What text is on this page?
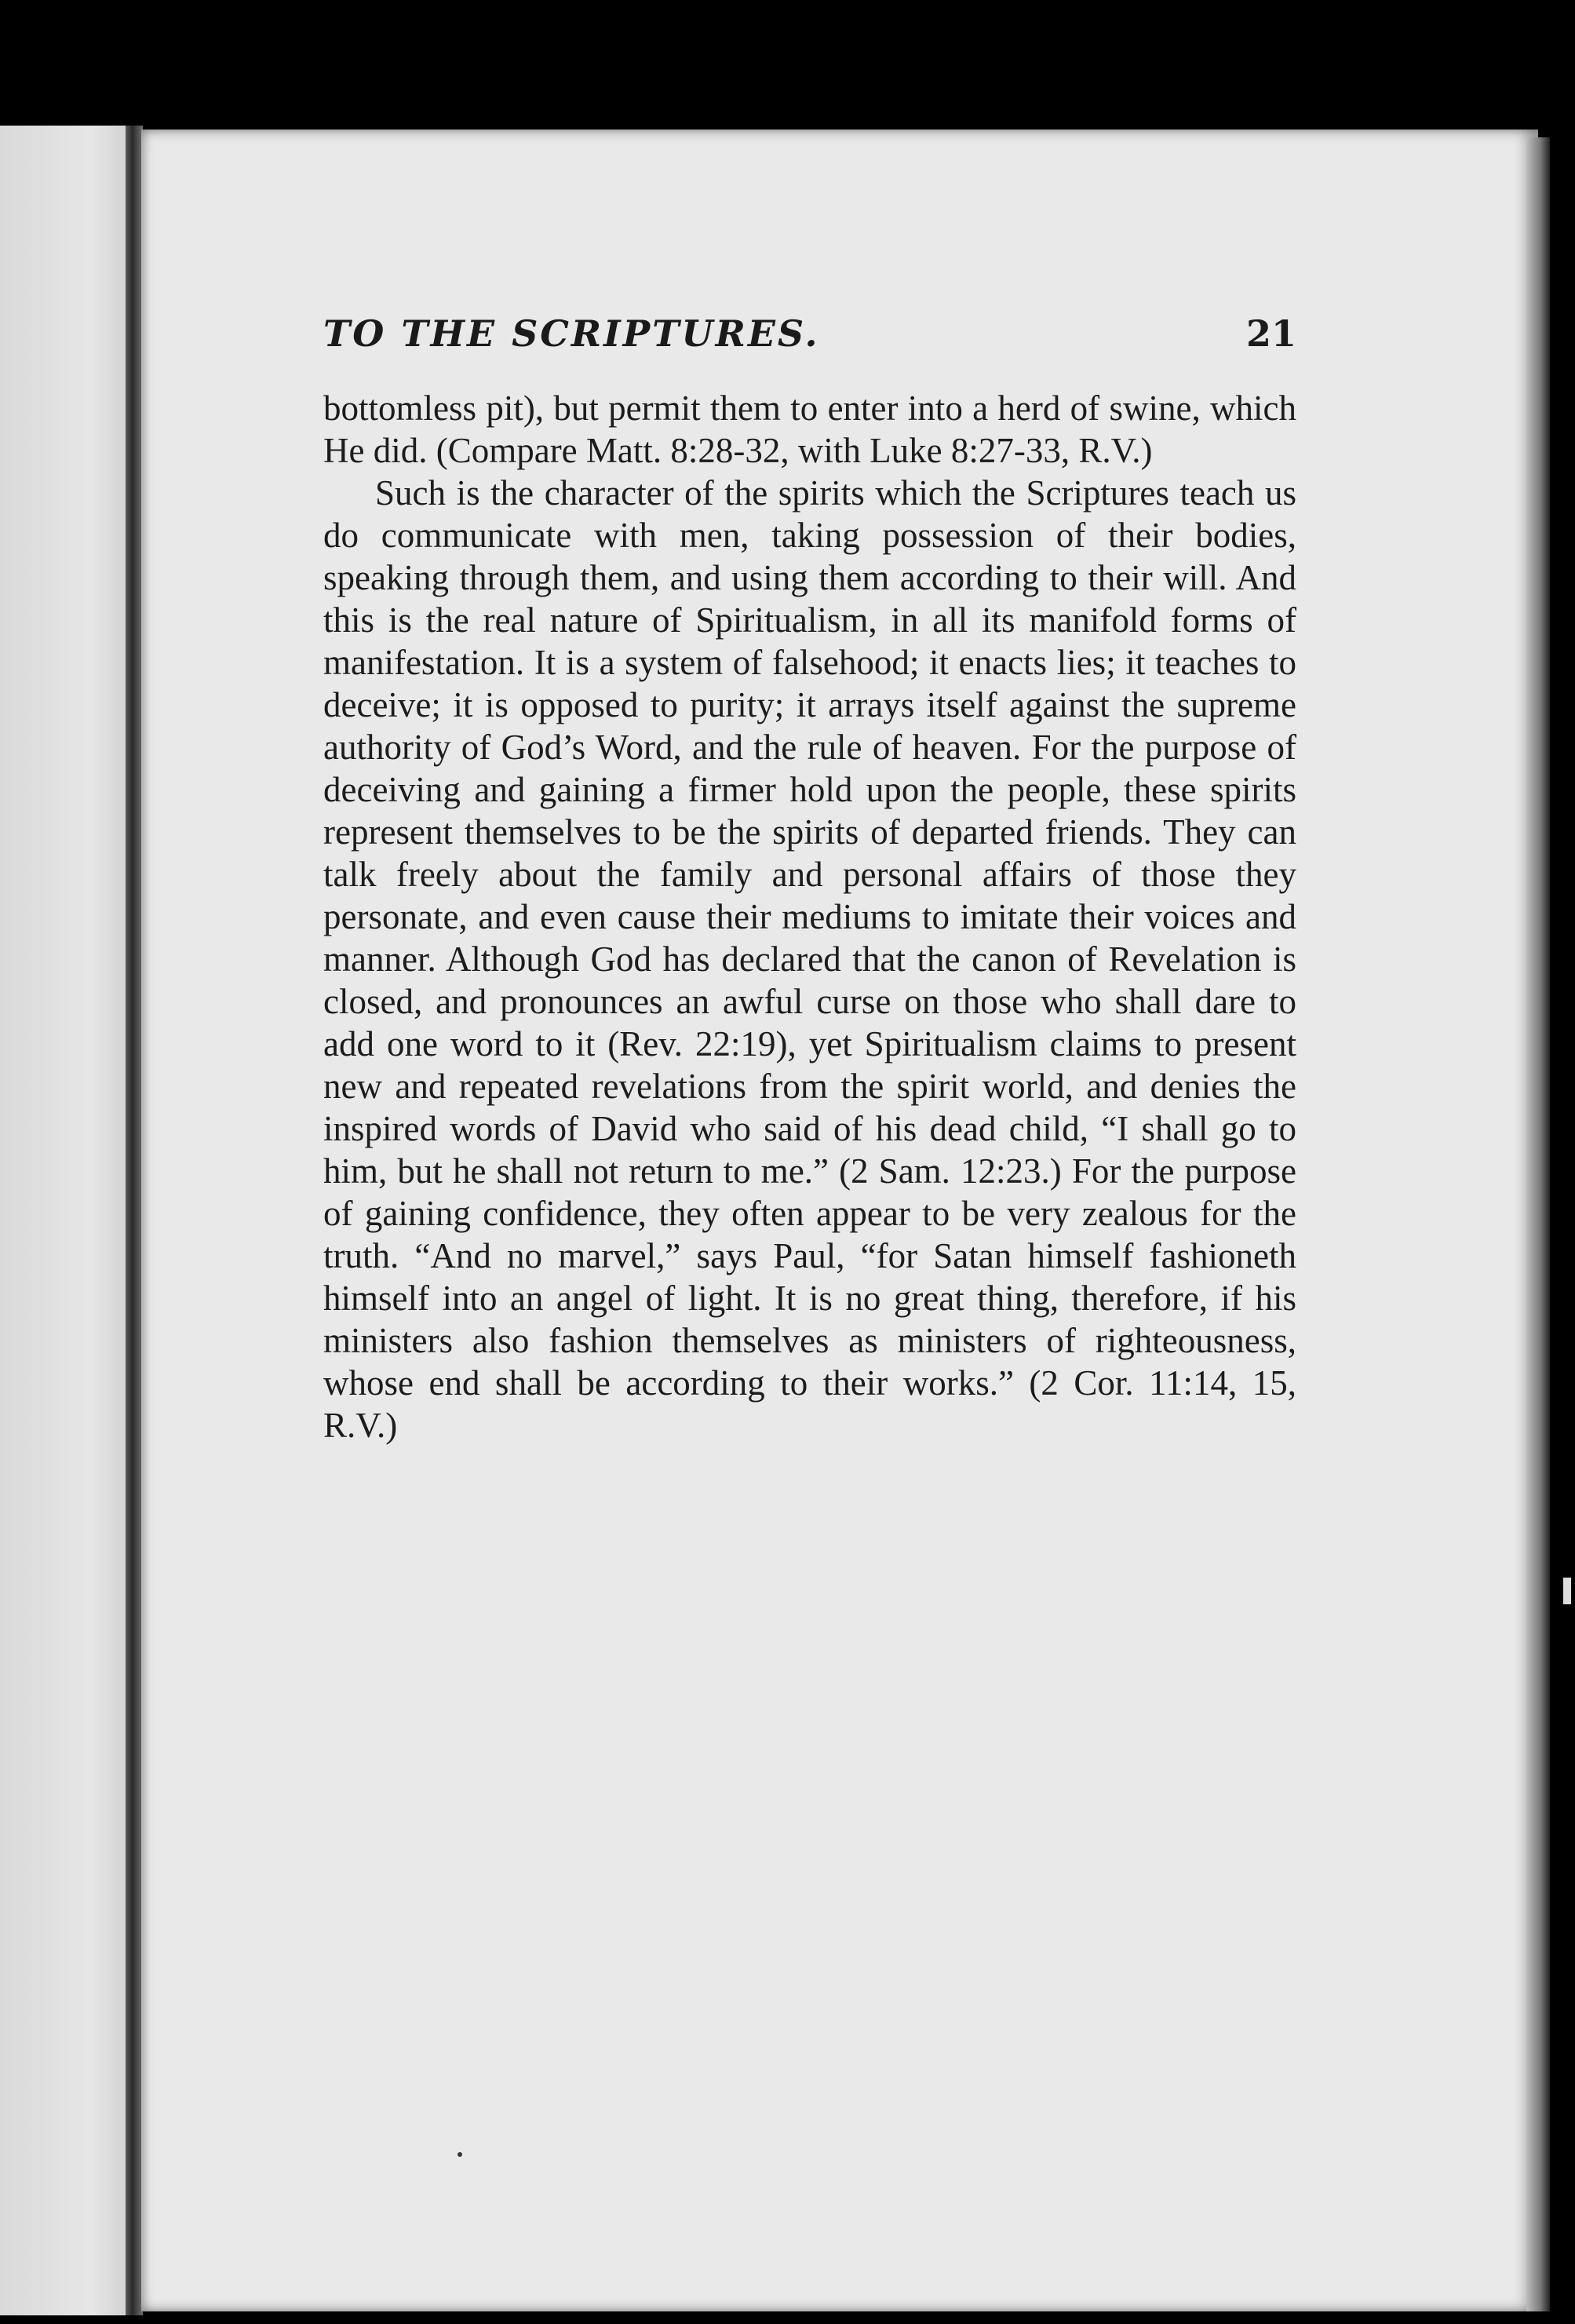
TO THE SCRIPTURES.	21

bottomless pit), but permit them to enter into a herd of swine, which He did. (Compare Matt. 8:28-32, with Luke 8:27-33, R.V.)

Such is the character of the spirits which the Scriptures teach us do communicate with men, taking possession of their bodies, speaking through them, and using them according to their will. And this is the real nature of Spiritualism, in all its manifold forms of manifestation. It is a system of falsehood; it enacts lies; it teaches to deceive; it is opposed to purity; it arrays itself against the supreme authority of God’s Word, and the rule of heaven. For the purpose of deceiving and gaining a firmer hold upon the people, these spirits represent themselves to be the spirits of departed friends. They can talk freely about the family and personal affairs of those they personate, and even cause their mediums to imitate their voices and manner. Although God has declared that the canon of Revelation is closed, and pronounces an awful curse on those who shall dare to add one word to it (Rev. 22:19), yet Spiritualism claims to present new and repeated revelations from the spirit world, and denies the inspired words of David who said of his dead child, “I shall go to him, but he shall not return to me.” (2 Sam. 12:23.) For the purpose of gaining confidence, they often appear to be very zealous for the truth. “And no marvel,” says Paul, “for Satan himself fashioneth himself into an angel of light. It is no great thing, therefore, if his ministers also fashion themselves as ministers of righteousness, whose end shall be according to their works.” (2 Cor. 11:14, 15, R.V.)
